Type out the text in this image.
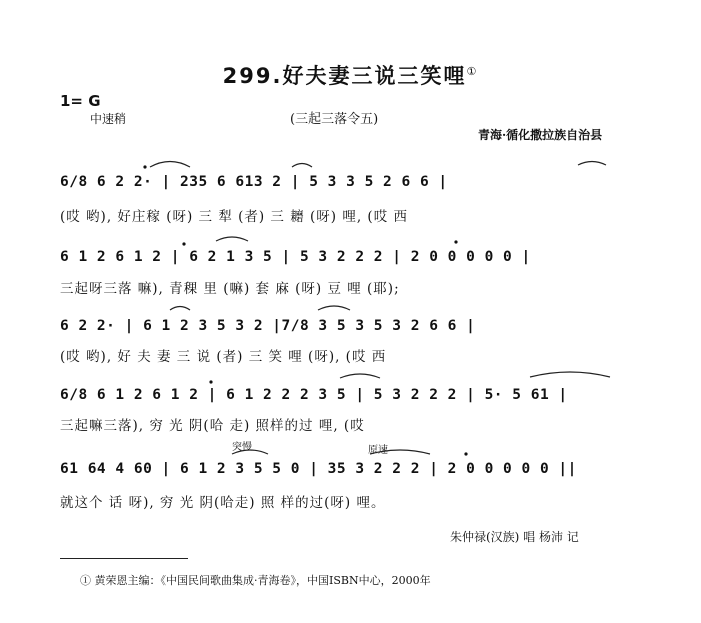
299.好夫妻三说三笑哩①
1= G
中速稍	(三起三落令五)
青海·循化撒拉族自治县
突慢	原速
6/8 6 2 2· | 235 6 613 2 | 5 3 3 5 2 6 6 |
(哎 哟), 好庄稼 (呀) 三 犁 (者) 三 耱 (呀) 哩, (哎 西
6 1 2 6 1 2 | 6 2 1 3 5 | 5 3 2 2 2 | 2 0 0 0 0 0 |
三起呀三落 嘛), 青稞 里 (嘛) 套 麻 (呀) 豆 哩 (耶);
6 2 2· | 6 1 2 3 5 3 2 |7/8 3 5 3 5 3 2 6 6 |
(哎 哟), 好 夫 妻 三 说 (者) 三 笑 哩 (呀), (哎 西
6/8 6 1 2 6 1 2 | 6 1 2 2 2 3 5 | 5 3 2 2 2 | 5· 5 61 |
三起嘛三落), 穷 光 阴(哈 走) 照样的过 哩, (哎
61 64 4 60 | 6 1 2 3 5 5 0 | 35 3 2 2 2 | 2 0 0 0 0 0 ||
就这个 话 呀), 穷 光 阴(哈走) 照 样的过(呀) 哩。
朱仲禄(汉族) 唱 杨沛 记
① 黄荣恩主编：《中国民间歌曲集成·青海卷》，中国ISBN中心，2000年
